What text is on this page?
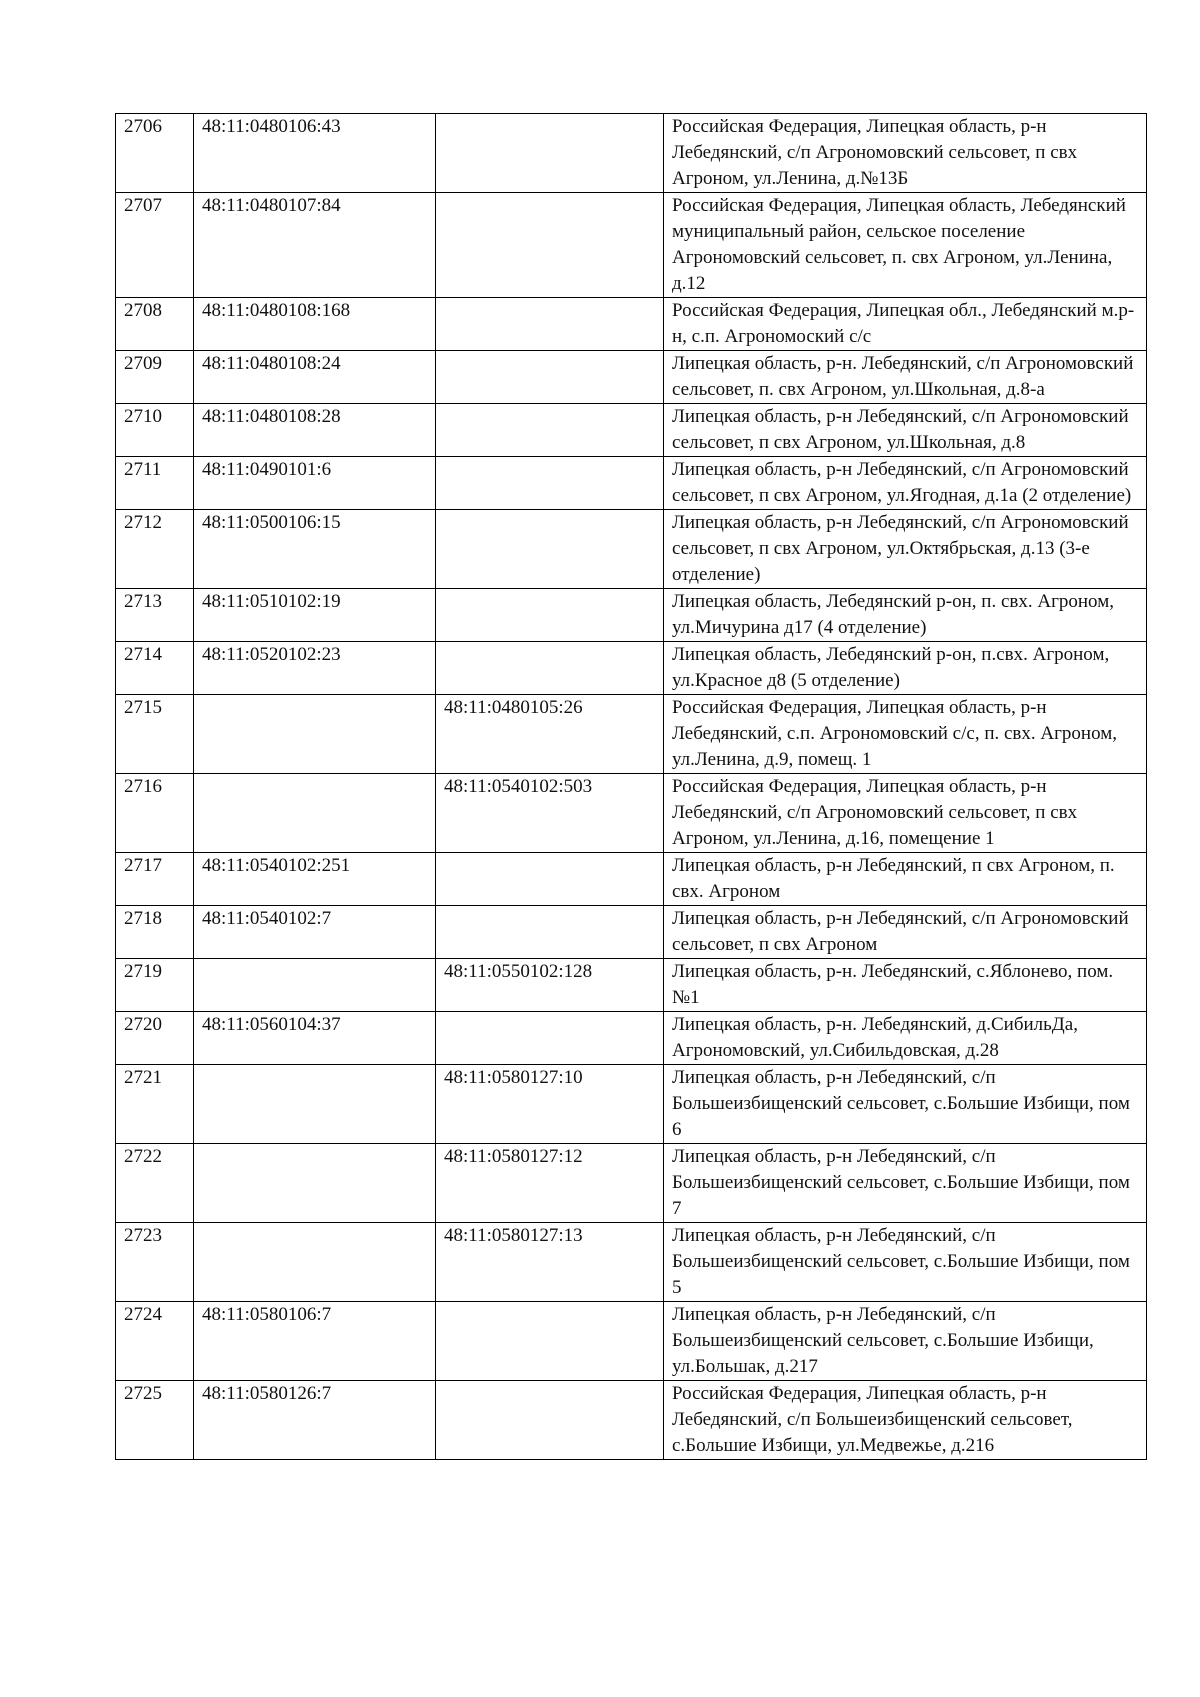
2706	48:11:0480106:43		Российская Федерация, Липецкая область, р-н Лебедянский, с/п Агрономовский сельсовет, п свх Агроном, ул.Ленина, д.№13Б
2707	48:11:0480107:84		Российская Федерация, Липецкая область, Лебедянский муниципальный район, сельское поселение Агрономовский сельсовет, п. свх Агроном, ул.Ленина, д.12
2708	48:11:0480108:168		Российская Федерация, Липецкая обл., Лебедянский м.р-н, с.п. Агрономоский с/с
2709	48:11:0480108:24		Липецкая область, р-н. Лебедянский, с/п Агрономовский сельсовет, п. свх Агроном, ул.Школьная, д.8-а
2710	48:11:0480108:28		Липецкая область, р-н Лебедянский, с/п Агрономовский сельсовет, п свх Агроном, ул.Школьная, д.8
2711	48:11:0490101:6		Липецкая область, р-н Лебедянский, с/п Агрономовский сельсовет, п свх Агроном, ул.Ягодная, д.1а (2 отделение)
2712	48:11:0500106:15		Липецкая область, р-н Лебедянский, с/п Агрономовский сельсовет, п свх Агроном, ул.Октябрьская, д.13 (3-е отделение)
2713	48:11:0510102:19		Липецкая область, Лебедянский р-он, п. свх. Агроном, ул.Мичурина д17 (4 отделение)
2714	48:11:0520102:23		Липецкая область, Лебедянский р-он, п.свх. Агроном, ул.Красное д8 (5 отделение)
2715		48:11:0480105:26	Российская Федерация, Липецкая область, р-н Лебедянский, с.п. Агрономовский с/с, п. свх. Агроном, ул.Ленина, д.9, помещ. 1
2716		48:11:0540102:503	Российская Федерация, Липецкая область, р-н Лебедянский, с/п Агрономовский сельсовет, п свх Агроном, ул.Ленина, д.16, помещение 1
2717	48:11:0540102:251		Липецкая область, р-н Лебедянский, п свх Агроном, п. свх. Агроном
2718	48:11:0540102:7		Липецкая область, р-н Лебедянский, с/п Агрономовский сельсовет, п свх Агроном
2719		48:11:0550102:128	Липецкая область, р-н. Лебедянский, с.Яблонево, пом. №1
2720	48:11:0560104:37		Липецкая область, р-н. Лебедянский, д.СибильДа, Агрономовский, ул.Сибильдовская, д.28
2721		48:11:0580127:10	Липецкая область, р-н Лебедянский, с/п Большеизбищенский сельсовет, с.Большие Избищи, пом 6
2722		48:11:0580127:12	Липецкая область, р-н Лебедянский, с/п Большеизбищенский сельсовет, с.Большие Избищи, пом 7
2723		48:11:0580127:13	Липецкая область, р-н Лебедянский, с/п Большеизбищенский сельсовет, с.Большие Избищи, пом 5
2724	48:11:0580106:7		Липецкая область, р-н Лебедянский, с/п Большеизбищенский сельсовет, с.Большие Избищи, ул.Большак, д.217
2725	48:11:0580126:7		Российская Федерация, Липецкая область, р-н Лебедянский, с/п Большеизбищенский сельсовет, с.Большие Избищи, ул.Медвежье, д.216
